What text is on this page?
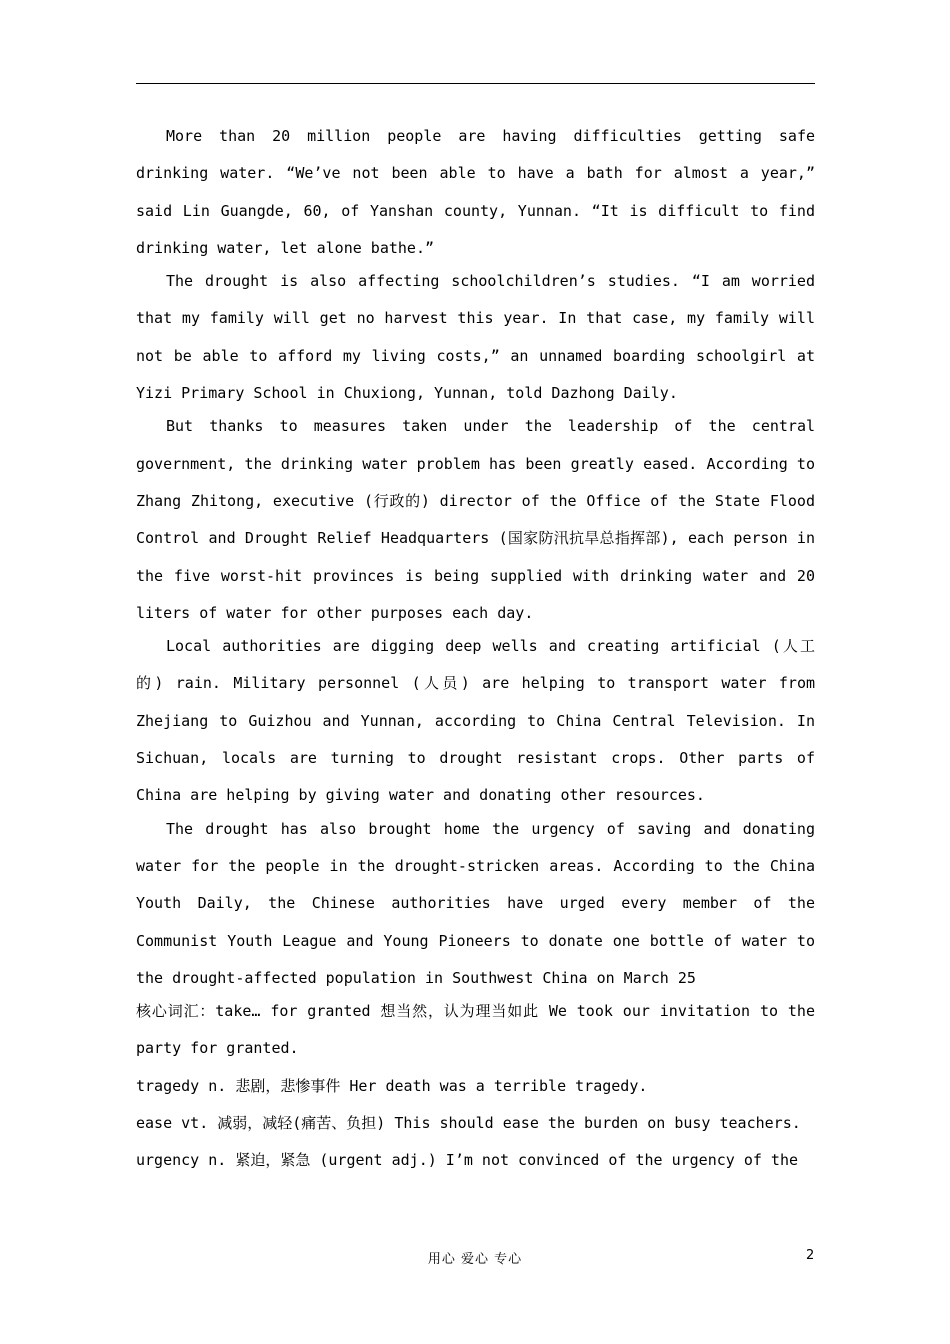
More than 20 million people are having difficulties getting safe drinking water. “We’ve not been able to have a bath for almost a year,” said Lin Guangde, 60, of Yanshan county, Yunnan. “It is difficult to find drinking water, let alone bathe.”

The drought is also affecting schoolchildren’s studies. “I am worried that my family will get no harvest this year. In that case, my family will not be able to afford my living costs,” an unnamed boarding schoolgirl at Yizi Primary School in Chuxiong, Yunnan, told Dazhong Daily.

But thanks to measures taken under the leadership of the central government, the drinking water problem has been greatly eased. According to Zhang Zhitong, executive (行政的) director of the Office of the State Flood Control and Drought Relief Headquarters (国家防汛抗旱总指挥部), each person in the five worst-hit provinces is being supplied with drinking water and 20 liters of water for other purposes each day.

Local authorities are digging deep wells and creating artificial (人工的) rain. Military personnel (人员) are helping to transport water from Zhejiang to Guizhou and Yunnan, according to China Central Television. In Sichuan, locals are turning to drought resistant crops. Other parts of China are helping by giving water and donating other resources.

The drought has also brought home the urgency of saving and donating water for the people in the drought-stricken areas. According to the China Youth Daily, the Chinese authorities have urged every member of the Communist Youth League and Young Pioneers to donate one bottle of water to the drought-affected population in Southwest China on March 25

核心词汇：take… for granted 想当然，认为理当如此 We took our invitation to the party for granted.

tragedy n. 悲剧，悲惨事件 Her death was a terrible tragedy.

ease vt. 减弱，减轻(痛苦、负担) This should ease the burden on busy teachers.

urgency n. 紧迫，紧急 (urgent adj.) I’m not convinced of the urgency of the

用心 爱心 专心	2
